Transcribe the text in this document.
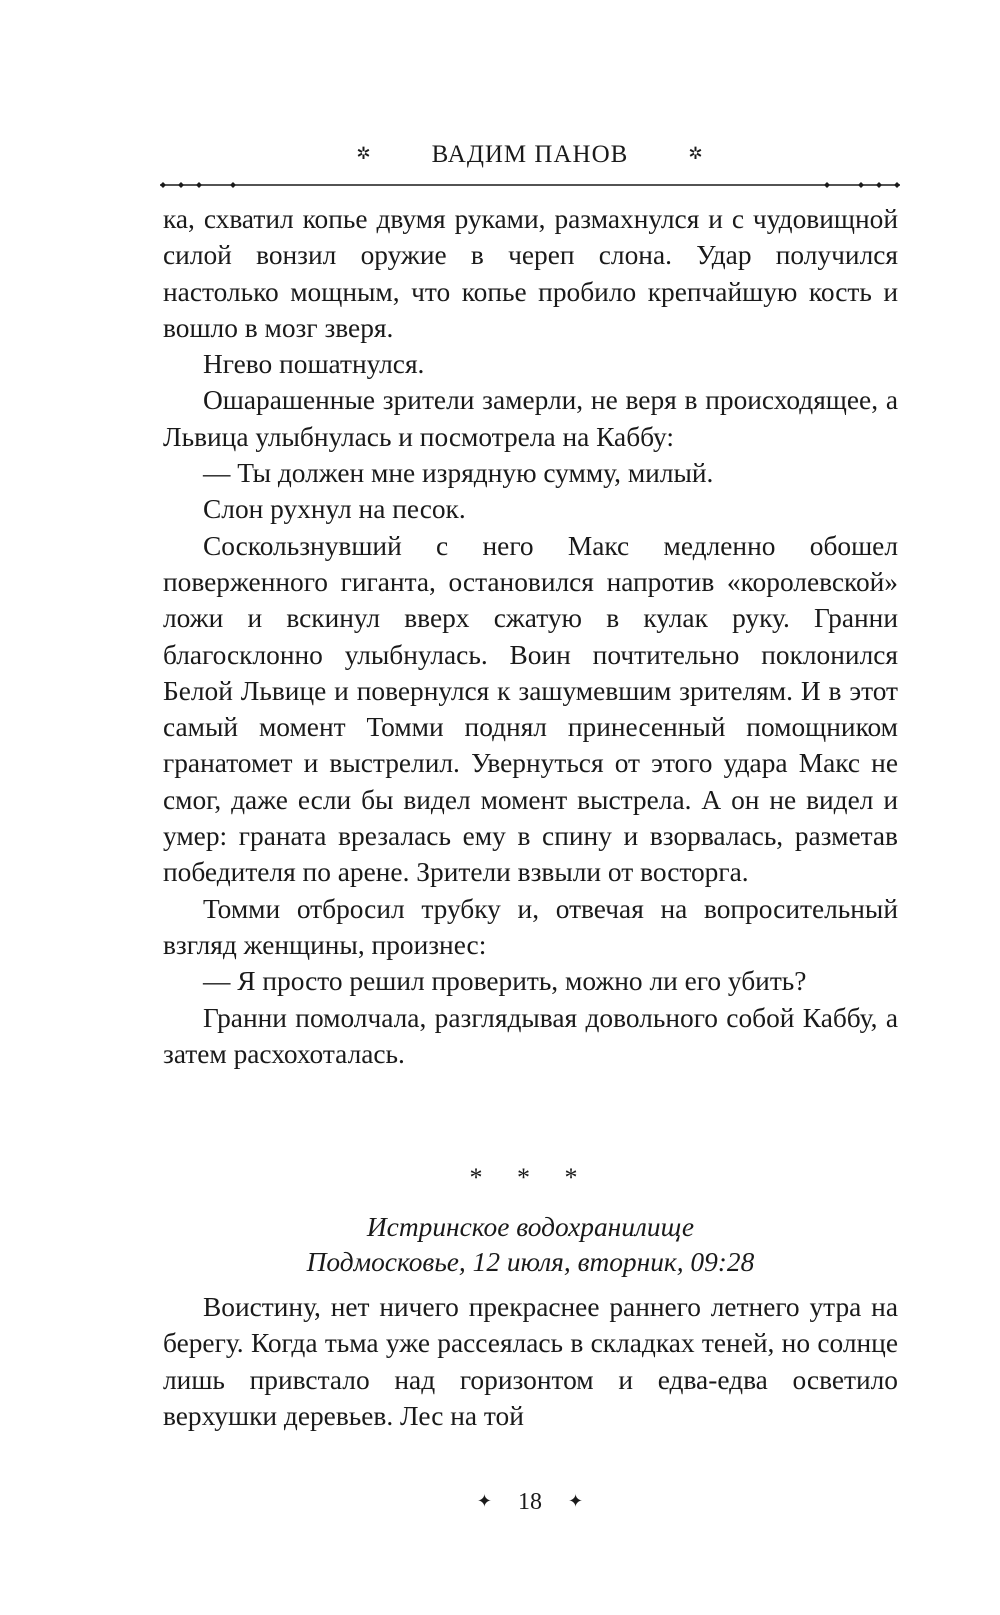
✲ ВАДИМ ПАНОВ	✲

ка, схватил копье двумя руками, размахнулся и с чудовищной силой вонзил оружие в череп слона. Удар получился настолько мощным, что копье пробило крепчайшую кость и вошло в мозг зверя.

Нгево пошатнулся.

Ошарашенные зрители замерли, не веря в происходящее, а Львица улыбнулась и посмотрела на Каббу:

— Ты должен мне изрядную сумму, милый.

Слон рухнул на песок.

Соскользнувший с него Макс медленно обошел поверженного гиганта, остановился напротив «королевской» ложи и вскинул вверх сжатую в кулак руку. Гранни благосклонно улыбнулась. Воин почтительно поклонился Белой Львице и повернулся к зашумевшим зрителям. И в этот самый момент Томми поднял принесенный помощником гранатомет и выстрелил. Увернуться от этого удара Макс не смог, даже если бы видел момент выстрела. А он не видел и умер: граната врезалась ему в спину и взорвалась, разметав победителя по арене. Зрители взвыли от восторга.

Томми отбросил трубку и, отвечая на вопросительный взгляд женщины, произнес:

— Я просто решил проверить, можно ли его убить?

Гранни помолчала, разглядывая довольного собой Каббу, а затем расхохоталась.

* * *
Истринское водохранилище
Подмосковье, 12 июля, вторник, 09:28

Воистину, нет ничего прекраснее раннего летнего утра на берегу. Когда тьма уже рассеялась в складках теней, но солнце лишь привстало над горизонтом и едва-едва осветило верхушки деревьев. Лес на той

✦ 18 ✦
